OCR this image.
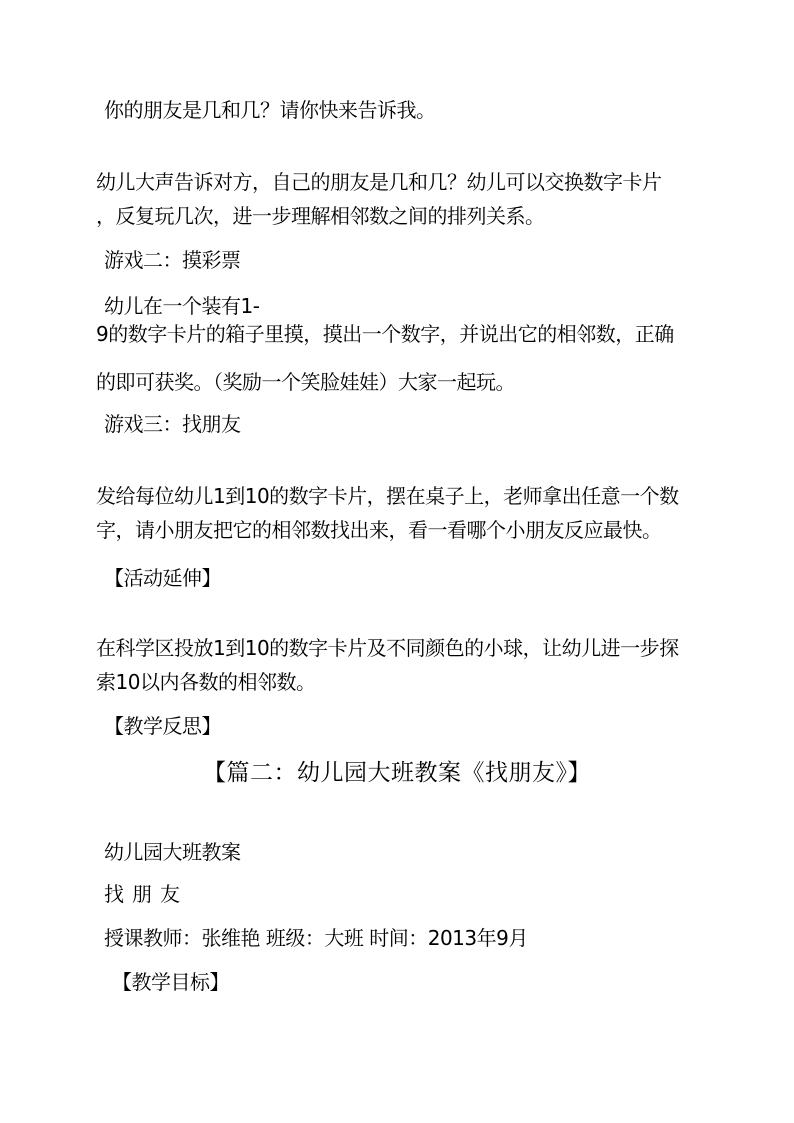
你的朋友是几和几？请你快来告诉我。
幼儿大声告诉对方，自己的朋友是几和几？幼儿可以交换数字卡片
，反复玩几次，进一步理解相邻数之间的排列关系。
游戏二：摸彩票
幼儿在一个装有1-
9的数字卡片的箱子里摸，摸出一个数字，并说出它的相邻数，正确
的即可获奖。（奖励一个笑脸娃娃）大家一起玩。
游戏三：找朋友
发给每位幼儿1到10的数字卡片，摆在桌子上，老师拿出任意一个数
字，请小朋友把它的相邻数找出来，看一看哪个小朋友反应最快。
【活动延伸】
在科学区投放1到10的数字卡片及不同颜色的小球，让幼儿进一步探
索10以内各数的相邻数。
【教学反思】
【篇二：幼儿园大班教案《找朋友》】
幼儿园大班教案
找朋友
授课教师：张维艳 班级：大班 时间：2013年9月
【教学目标】
